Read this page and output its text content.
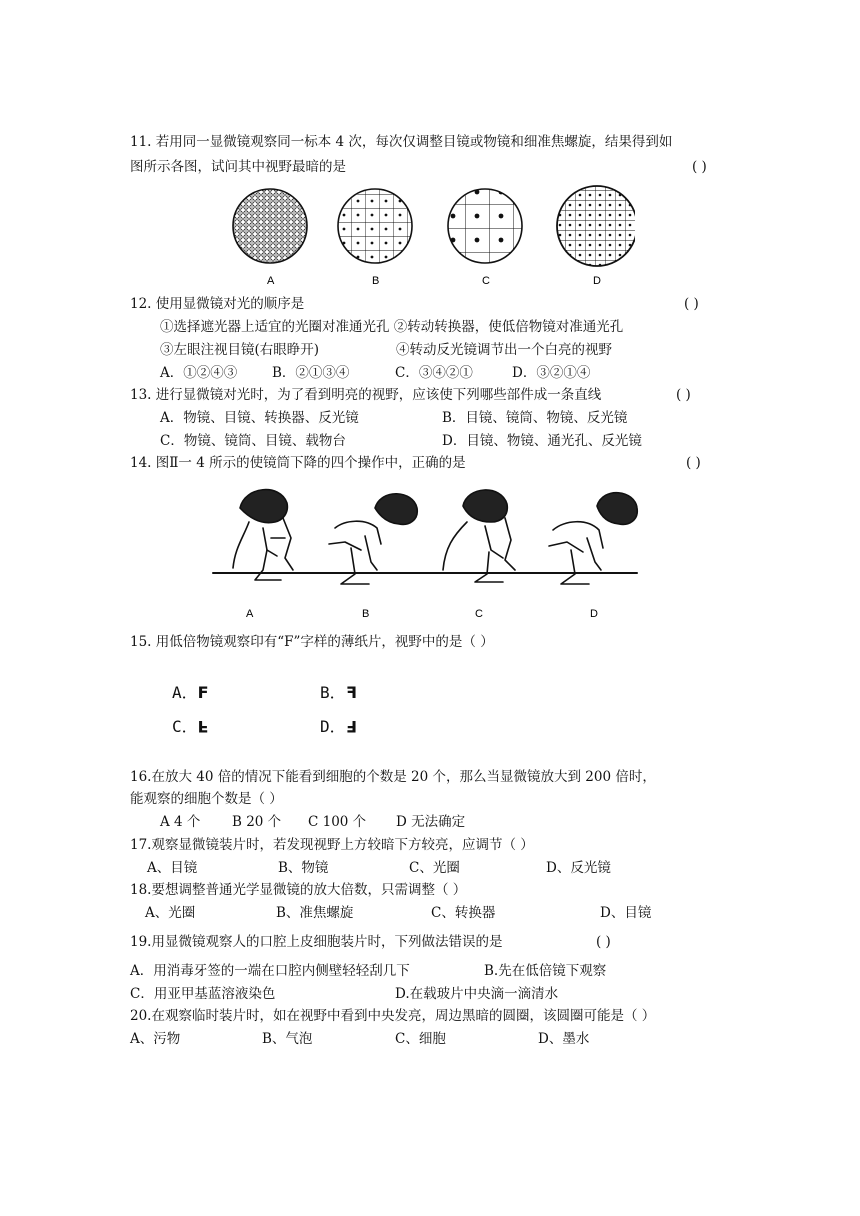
11. 若用同一显微镜观察同一标本 4 次，每次仅调整目镜或物镜和细准焦螺旋，结果得到如
图所示各图，试问其中视野最暗的是	( )
A	B	C	D
12. 使用显微镜对光的顺序是	( )
①选择遮光器上适宜的光圈对准通光孔 ②转动转换器，使低倍物镜对准通光孔
③左眼注视目镜(右眼睁开)	④转动反光镜调节出一个白亮的视野
A．①②④③	B．②①③④	C．③④②①	D．③②①④
13. 进行显微镜对光时，为了看到明亮的视野，应该使下列哪些部件成一条直线	( )
A．物镜、目镜、转换器、反光镜	B．目镜、镜筒、物镜、反光镜
C．物镜、镜筒、目镜、载物台	D．目镜、物镜、通光孔、反光镜
14. 图Ⅱ一 4 所示的使镜筒下降的四个操作中，正确的是	( )
A	B	C	D
15. 用低倍物镜观察印有“F”字样的薄纸片，视野中的是（ ）
A．F	B．F
C．F	D．F
16.在放大 40 倍的情况下能看到细胞的个数是 20 个，那么当显微镜放大到 200 倍时，
能观察的细胞个数是（ ）
A 4 个 B 20 个 C 100 个 D 无法确定
17.观察显微镜装片时，若发现视野上方较暗下方较亮，应调节（ ）
A、目镜	B、物镜	C、光圈	D、反光镜
18.要想调整普通光学显微镜的放大倍数，只需调整（ ）
A、光圈	B、准焦螺旋	C、转换器	D、目镜
19.用显微镜观察人的口腔上皮细胞装片时，下列做法错误的是	( )
A．用消毒牙签的一端在口腔内侧壁轻轻刮几下	B.先在低倍镜下观察
C．用亚甲基蓝溶液染色	D.在载玻片中央滴一滴清水
20.在观察临时装片时，如在视野中看到中央发亮，周边黑暗的圆圈，该圆圈可能是（ ）
A、污物	B、气泡	C、细胞	D、墨水
